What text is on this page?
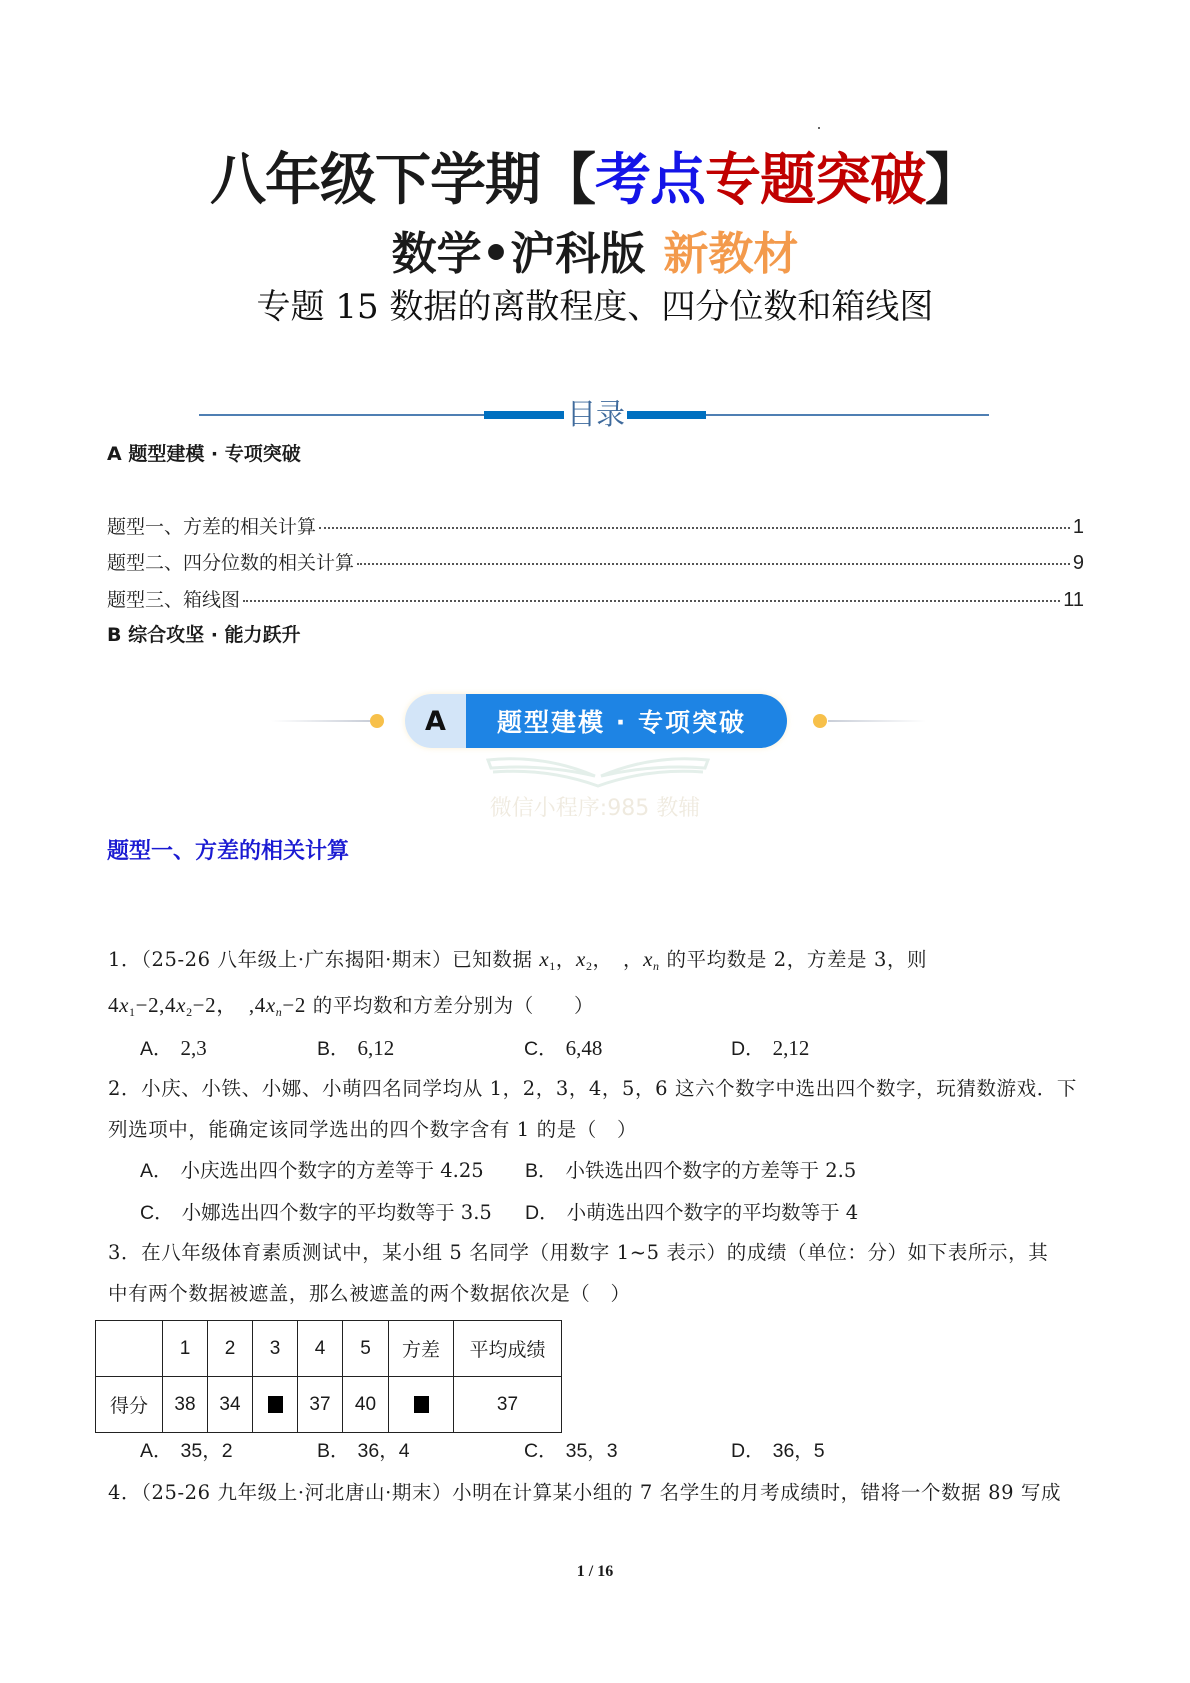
八年级下学期【考点专题突破】
数学•沪科版 新教材
专题 15 数据的离散程度、四分位数和箱线图
目录
A 题型建模 · 专项突破
题型一、方差的相关计算	1
题型二、四分位数的相关计算	9
题型三、箱线图	11
B 综合攻坚 · 能力跃升
A	题型建模 · 专项突破
微信小程序:985 教辅
题型一、方差的相关计算
1．（25-26 八年级上·广东揭阳·期末）已知数据 $x_1$，$x_2$，　，$x_n$ 的平均数是 2，方差是 3，则
$4x_1-2,4x_2-2$，　$,4x_n-2$ 的平均数和方差分别为（　　）
A． 2,3	B． 6,12	C． 6,48	D． 2,12
2．小庆、小铁、小娜、小萌四名同学均从 1，2，3，4，5，6 这六个数字中选出四个数字，玩猜数游戏．下
列选项中，能确定该同学选出的四个数字含有 1 的是（　）
A． 小庆选出四个数字的方差等于 4.25 B． 小铁选出四个数字的方差等于 2.5
C． 小娜选出四个数字的平均数等于 3.5 D． 小萌选出四个数字的平均数等于 4
3．在八年级体育素质测试中，某小组 5 名同学（用数字 1~5 表示）的成绩（单位：分）如下表所示，其
中有两个数据被遮盖，那么被遮盖的两个数据依次是（　）
	1	2	3	4	5	方差	平均成绩
得分	38	34		37	40		37
A． 35，2	B． 36，4	C． 35，3	D． 36，5
4．（25-26 九年级上·河北唐山·期末）小明在计算某小组的 7 名学生的月考成绩时，错将一个数据 89 写成
1 / 16
